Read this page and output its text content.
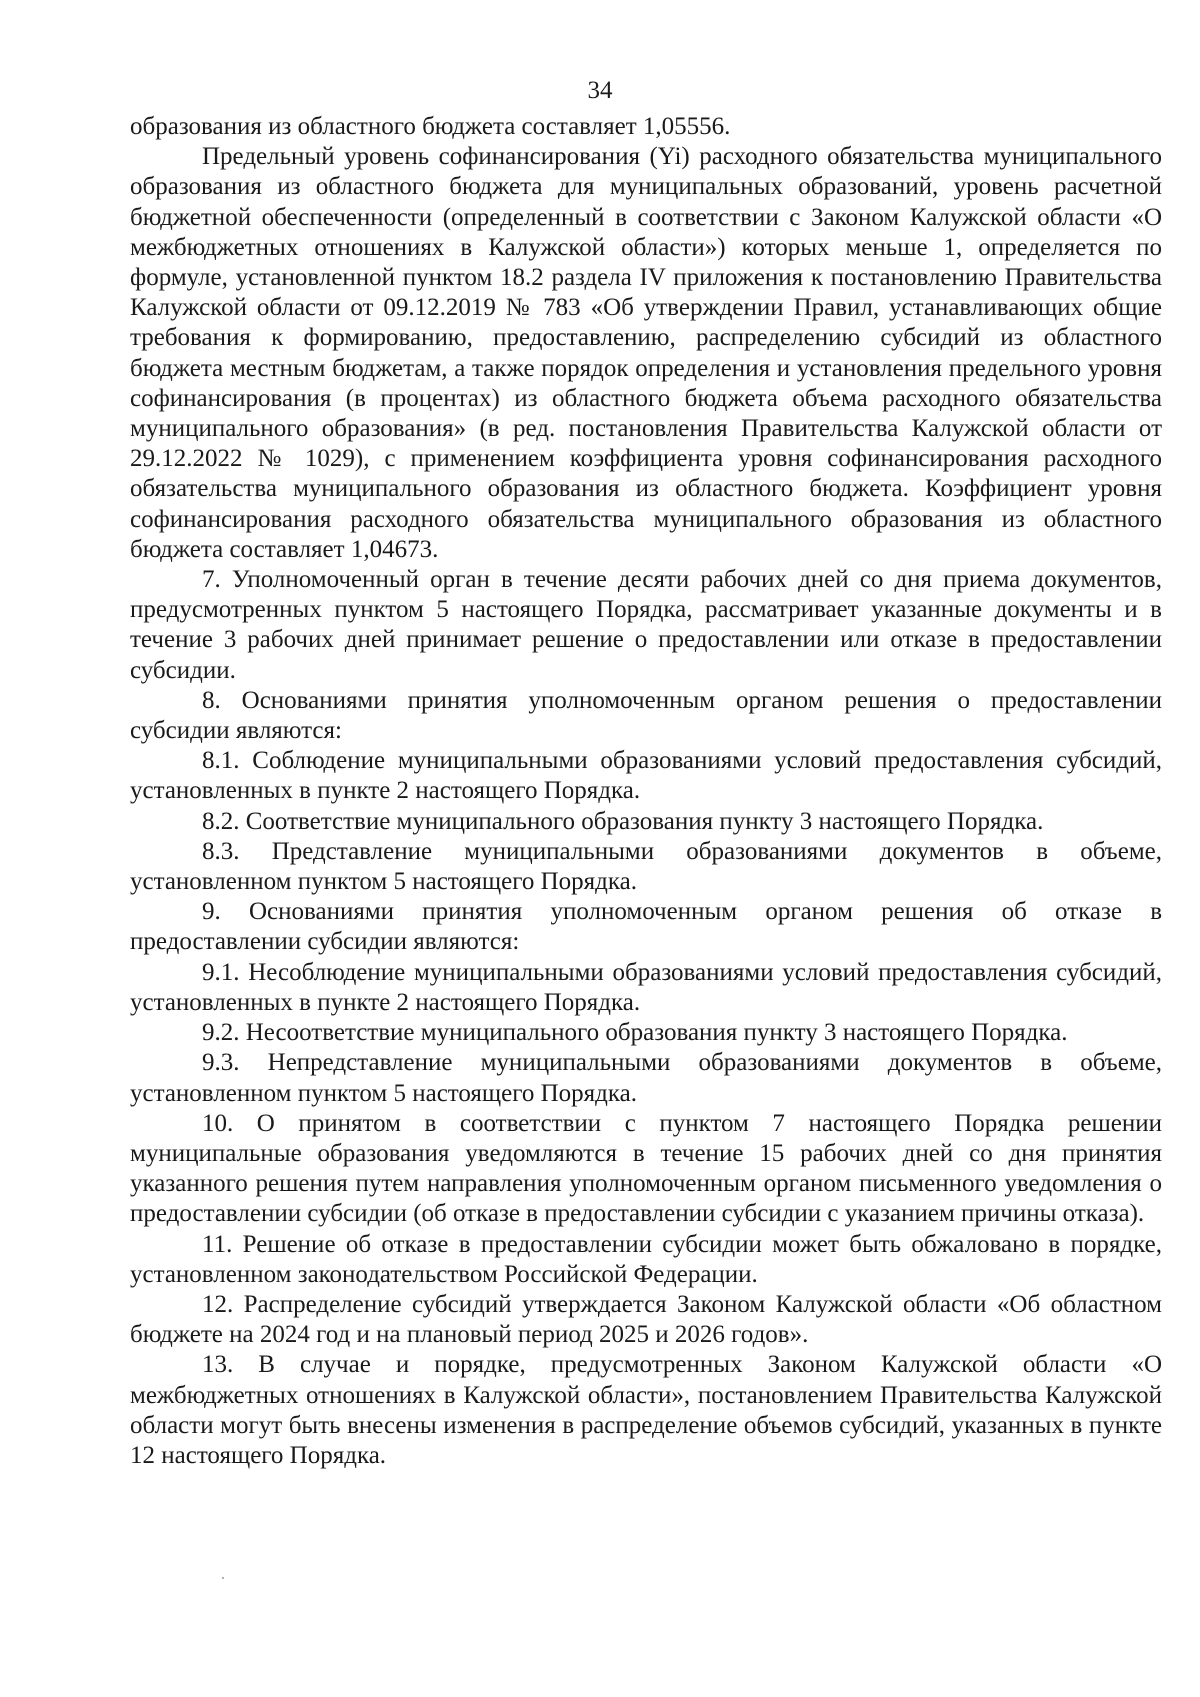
34

образования из областного бюджета составляет 1,05556.

Предельный уровень софинансирования (Yi) расходного обязательства муниципального образования из областного бюджета для муниципальных образований, уровень расчетной бюджетной обеспеченности (определенный в соответствии с Законом Калужской области «О межбюджетных отношениях в Калужской области») которых меньше 1, определяется по формуле, установленной пунктом 18.2 раздела IV приложения к постановлению Правительства Калужской области от 09.12.2019 № 783 «Об утверждении Правил, устанавливающих общие требования к формированию, предоставлению, распределению субсидий из областного бюджета местным бюджетам, а также порядок определения и установления предельного уровня софинансирования (в процентах) из областного бюджета объема расходного обязательства муниципального образования» (в ред. постановления Правительства Калужской области от 29.12.2022 № 1029), с применением коэффициента уровня софинансирования расходного обязательства муниципального образования из областного бюджета. Коэффициент уровня софинансирования расходного обязательства муниципального образования из областного бюджета составляет 1,04673.

7. Уполномоченный орган в течение десяти рабочих дней со дня приема документов, предусмотренных пунктом 5 настоящего Порядка, рассматривает указанные документы и в течение 3 рабочих дней принимает решение о предоставлении или отказе в предоставлении субсидии.

8. Основаниями принятия уполномоченным органом решения о предоставлении субсидии являются:

8.1. Соблюдение муниципальными образованиями условий предоставления субсидий, установленных в пункте 2 настоящего Порядка.

8.2. Соответствие муниципального образования пункту 3 настоящего Порядка.

8.3. Представление муниципальными образованиями документов в объеме, установленном пунктом 5 настоящего Порядка.

9. Основаниями принятия уполномоченным органом решения об отказе в предоставлении субсидии являются:

9.1. Несоблюдение муниципальными образованиями условий предоставления субсидий, установленных в пункте 2 настоящего Порядка.

9.2. Несоответствие муниципального образования пункту 3 настоящего Порядка.

9.3. Непредставление муниципальными образованиями документов в объеме, установленном пунктом 5 настоящего Порядка.

10. О принятом в соответствии с пунктом 7 настоящего Порядка решении муниципальные образования уведомляются в течение 15 рабочих дней со дня принятия указанного решения путем направления уполномоченным органом письменного уведомления о предоставлении субсидии (об отказе в предоставлении субсидии с указанием причины отказа).

11. Решение об отказе в предоставлении субсидии может быть обжаловано в порядке, установленном законодательством Российской Федерации.

12. Распределение субсидий утверждается Законом Калужской области «Об областном бюджете на 2024 год и на плановый период 2025 и 2026 годов».

13. В случае и порядке, предусмотренных Законом Калужской области «О межбюджетных отношениях в Калужской области», постановлением Правительства Калужской области могут быть внесены изменения в распределение объемов субсидий, указанных в пункте 12 настоящего Порядка.
